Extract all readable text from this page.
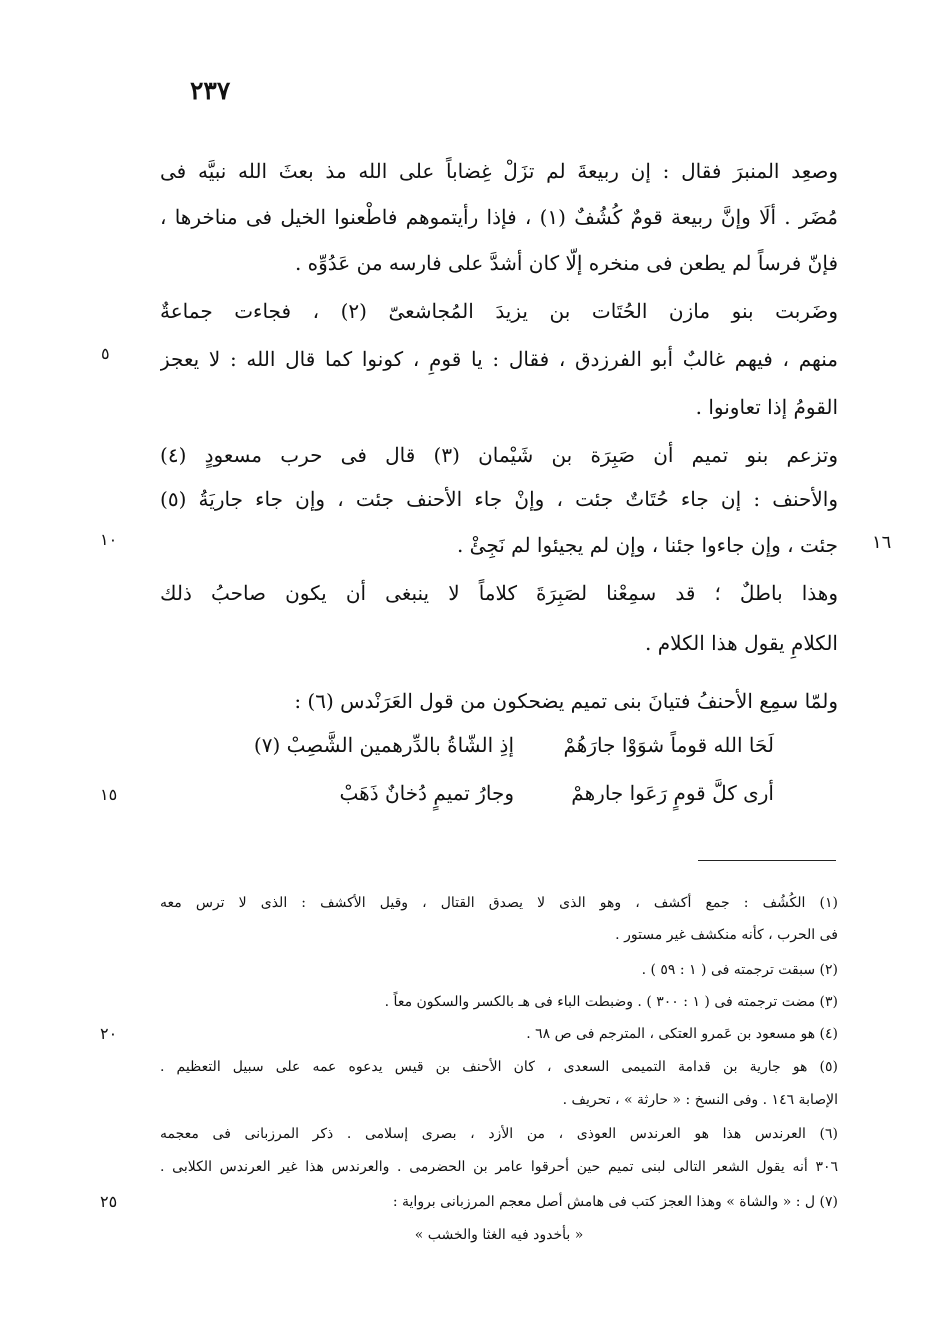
٢٣٧
وصعِد المنبرَ فقال : إن ربيعةَ لم تزَلْ غِضاباً على الله مذ بعثَ الله نبيَّه فى
مُضَر . ألَا وإنَّ ربيعة قومٌ كُشُفٌ (١) ، فإذا رأيتموهم فاطْعنوا الخيل فى مناخرها ،
فإنّ فرساً لم يطعن فى منخره إلّا كان أشدَّ على فارسه من عَدُوِّه .
وضَربت بنو مازن الحُتَات بن يزيدَ المُجاشعىّ (٢) ، فجاءت جماعةٌ
منهم ، فيهم غالبٌ أبو الفرزدق ، فقال : يا قومِ ، كونوا كما قال الله : لا يعجز
القومُ إذا تعاونوا .
وتزعم بنو تميم أن صَبِرَة بن شَيْمان (٣) قال فى حرب مسعودٍ (٤)
والأحنف : إن جاء حُتَاتٌ جئت ، وإنْ جاء الأحنف جئت ، وإن جاء جاريَةُ (٥)
جئت ، وإن جاءوا جئنا ، وإن لم يجيئوا لم نَجِئْ .
وهذا باطلٌ ؛ قد سمِعْنا لصَبِرَةَ كلاماً لا ينبغى أن يكون صاحبُ ذلك
الكلامِ يقول هذا الكلام .
ولمّا سمِع الأحنفُ فتيانَ بنى تميم يضحكون من قول العَرَنْدس (٦) :
لَحَا الله قوماً شوَوْا جارَهُمْ
إذِ الشّاةُ بالدِّرهمين الشَّصِبْ (٧)
أرى كلَّ قومٍ رَعَوا جارهمْ
وجارُ تميمٍ دُخانٌ ذَهَبْ
٥
١٠
١٥
٢٠
٢٥
١٦
(١) الكُشُف : جمع أكشف ، وهو الذى لا يصدق القتال ، وقيل الأكشف : الذى لا ترس معه
فى الحرب ، كأنه منكشف غير مستور .
(٢) سبقت ترجمته فى ( ١ : ٥٩ ) .
(٣) مضت ترجمته فى ( ١ : ٣٠٠ ) . وضبطت الباء فى هـ بالكسر والسكون معاً .
(٤) هو مسعود بن عَمرو العتكى ، المترجم فى ص ٦٨ .
(٥) هو جارية بن قدامة التميمى السعدى ، كان الأحنف بن قيس يدعوه عمه على سبيل التعظيم .
الإصابة ١٤٦ . وفى النسخ : « حارثة » ، تحريف .
(٦) العرندس هذا هو العرندس العوذى ، من الأزد ، بصرى إسلامى . ذكر المرزبانى فى معجمه
٣٠٦ أنه يقول الشعر التالى لبنى تميم حين أحرقوا عامر بن الحضرمى . والعرندس هذا غير العرندس الكلابى .
(٧) ل : « والشاة » وهذا العجز كتب فى هامش أصل معجم المرزبانى برواية :
« بأخدود فيه الغثا والخشب »
